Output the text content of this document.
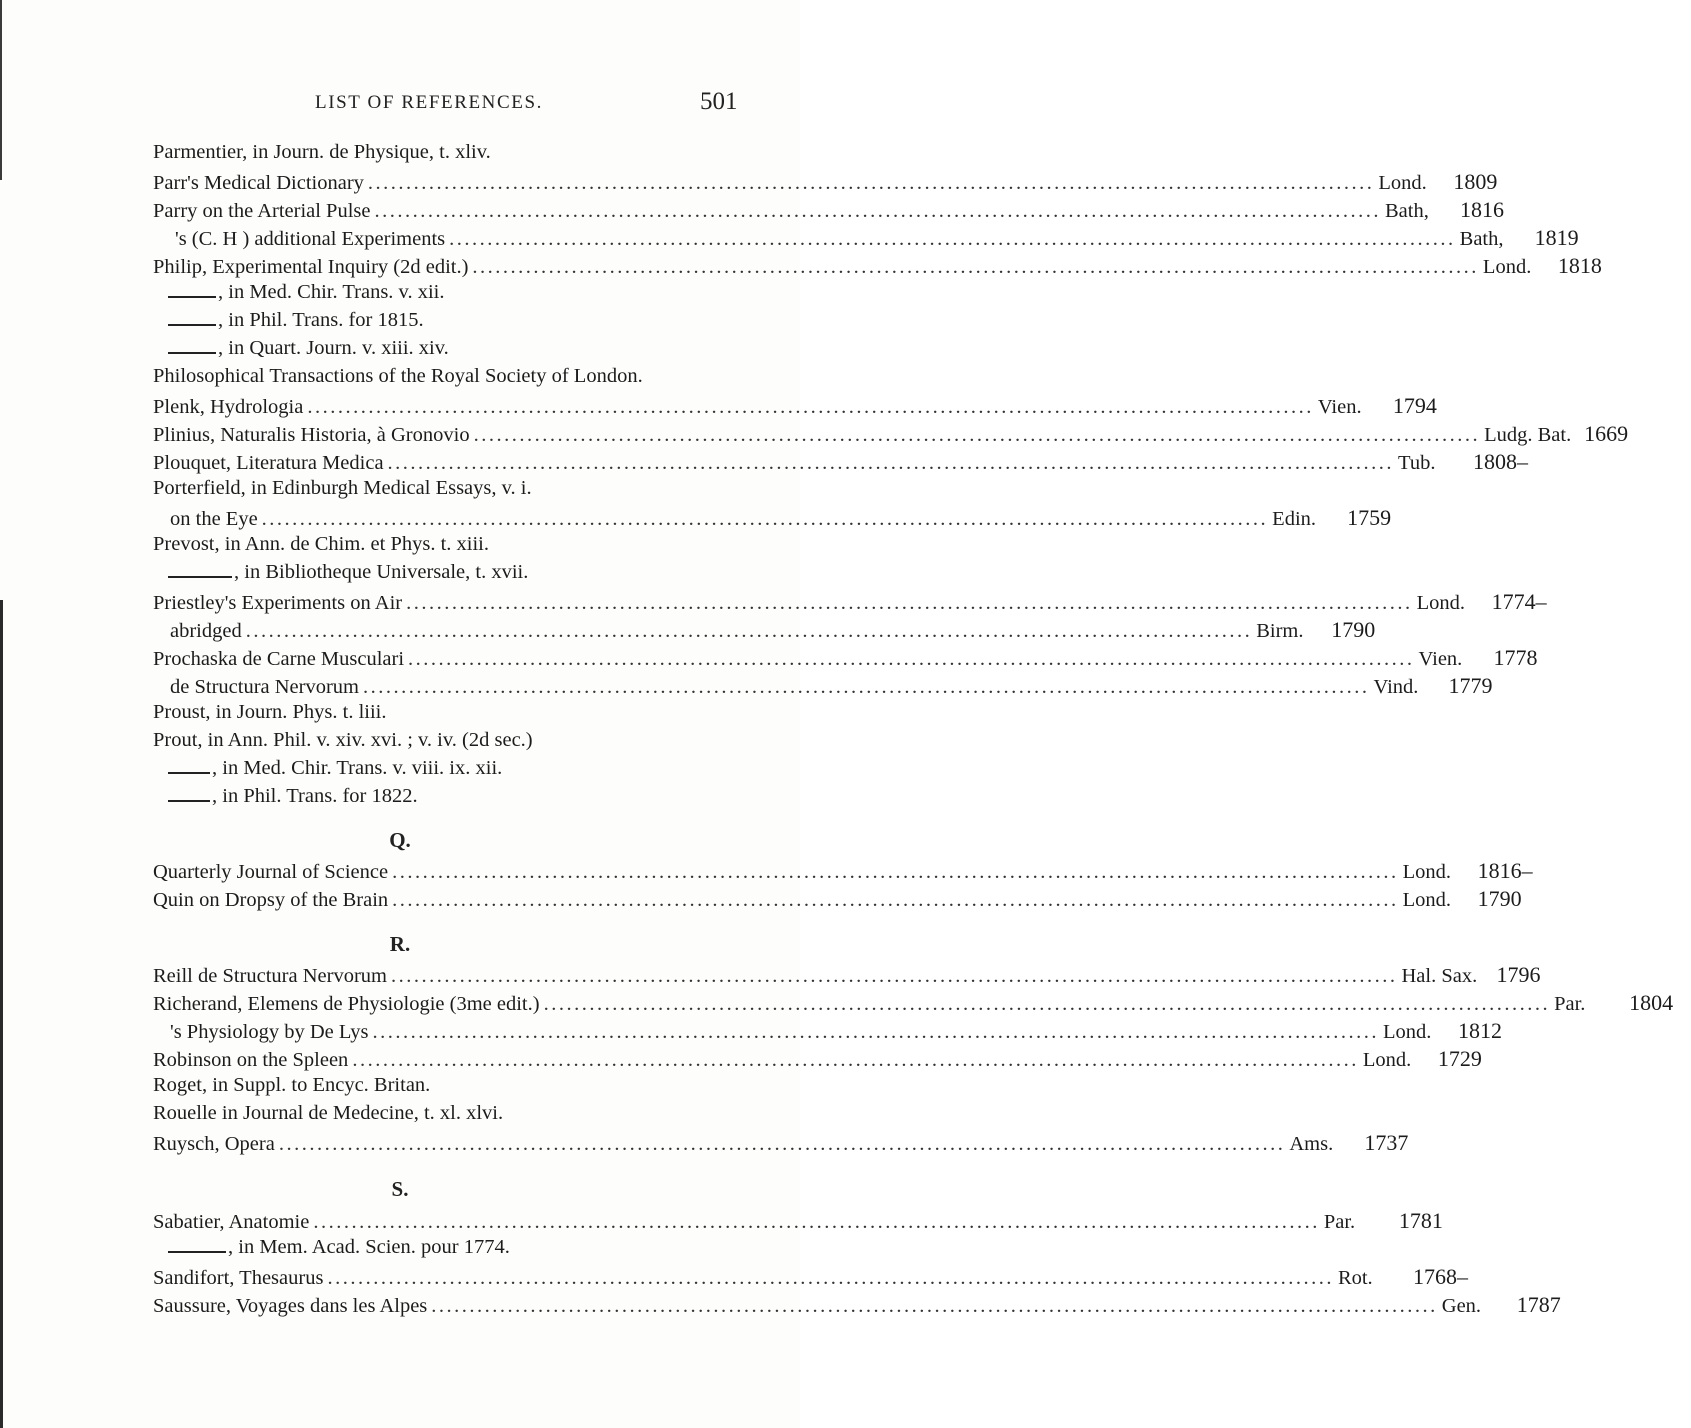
LIST OF REFERENCES.	501
Parmentier, in Journ. de Physique, t. xliv.
Parr's Medical Dictionary .....	Lond.	1809
Parry on the Arterial Pulse .....	Bath,	1816
's (C. H ) additional Experiments .....	Bath,	1819
Philip, Experimental Inquiry (2d edit.) .....	Lond.	1818
, in Med. Chir. Trans. v. xii.
, in Phil. Trans. for 1815.
, in Quart. Journ. v. xiii. xiv.
Philosophical Transactions of the Royal Society of London.
Plenk, Hydrologia .....	Vien.	1794
Plinius, Naturalis Historia, à Gronovio .....	Ludg. Bat. 1669
Plouquet, Literatura Medica .....	Tub.	1808–
Porterfield, in Edinburgh Medical Essays, v. i.
on the Eye .....	Edin.	1759
Prevost, in Ann. de Chim. et Phys. t. xiii.
, in Bibliotheque Universale, t. xvii.
Priestley's Experiments on Air .....	Lond.	1774–
abridged .....	Birm.	1790
Prochaska de Carne Musculari .....	Vien.	1778
de Structura Nervorum .....	Vind.	1779
Proust, in Journ. Phys. t. liii.
Prout, in Ann. Phil. v. xiv. xvi. ; v. iv. (2d sec.)
, in Med. Chir. Trans. v. viii. ix. xii.
, in Phil. Trans. for 1822.
Q.
Quarterly Journal of Science .....	Lond.	1816–
Quin on Dropsy of the Brain .....	Lond.	1790
R.
Reill de Structura Nervorum .....	Hal. Sax. 1796
Richerand, Elemens de Physiologie (3me edit.) .....	Par.	1804
's Physiology by De Lys .....	Lond.	1812
Robinson on the Spleen .....	Lond.	1729
Roget, in Suppl. to Encyc. Britan.
Rouelle in Journal de Medecine, t. xl. xlvi.
Ruysch, Opera .....	Ams.	1737
S.
Sabatier, Anatomie .....	Par.	1781
, in Mem. Acad. Scien. pour 1774.
Sandifort, Thesaurus .....	Rot.	1768–
Saussure, Voyages dans les Alpes .....	Gen.	1787
